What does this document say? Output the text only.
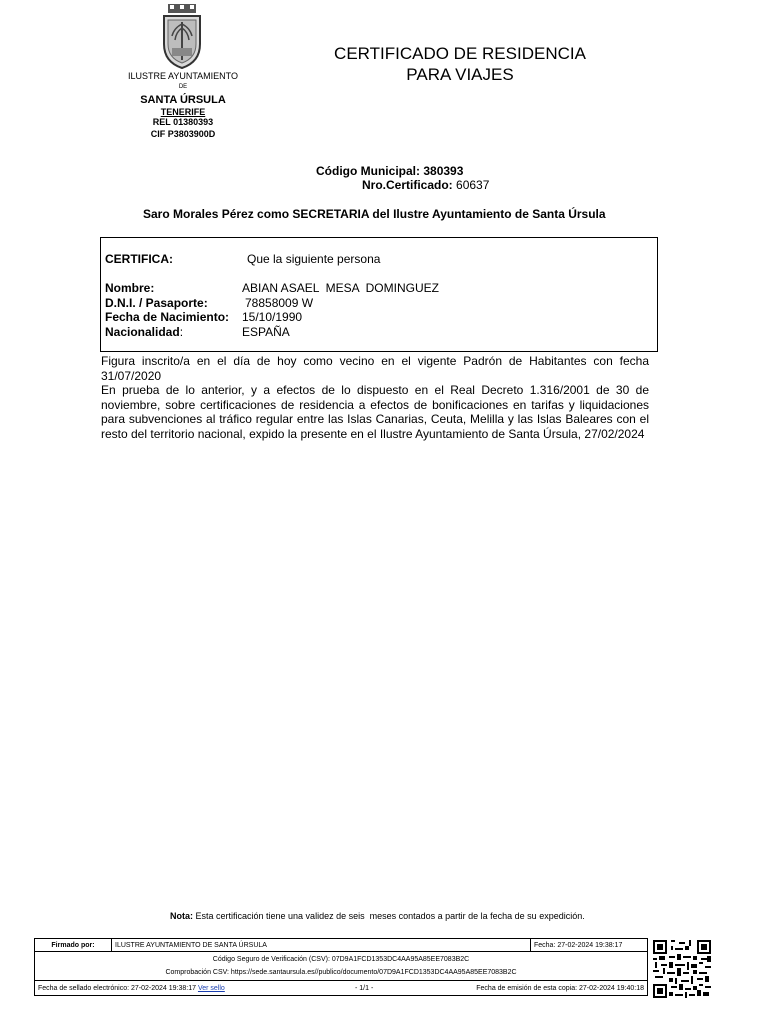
ILUSTRE AYUNTAMIENTO
DE
SANTA ÚRSULA
TENERIFE
REL 01380393
CIF P3803900D
CERTIFICADO DE RESIDENCIA
PARA VIAJES
Código Municipal: 380393
Nro.Certificado: 60637
Saro Morales Pérez como SECRETARIA del Ilustre Ayuntamiento de Santa Úrsula
CERTIFICA:	Que la siguiente persona
Nombre:	ABIAN ASAEL  MESA  DOMINGUEZ
D.N.I. / Pasaporte:	78858009 W
Fecha de Nacimiento: 15/10/1990
Nacionalidad:	ESPAÑA
Figura inscrito/a en el día de hoy como vecino en el vigente Padrón de Habitantes con fecha 31/07/2020
En prueba de lo anterior, y a efectos de lo dispuesto en el Real Decreto 1.316/2001 de 30 de noviembre, sobre certificaciones de residencia a efectos de bonificaciones en tarifas y liquidaciones para subvenciones al tráfico regular entre las Islas Canarias, Ceuta, Melilla y las Islas Baleares con el resto del territorio nacional, expido la presente en el Ilustre Ayuntamiento de Santa Úrsula, 27/02/2024
Nota: Esta certificación tiene una validez de seis  meses contados a partir de la fecha de su expedición.
Firmado por:	ILUSTRE AYUNTAMIENTO DE SANTA ÚRSULA	Fecha: 27-02-2024 19:38:17

Código Seguro de Verificación (CSV): 07D9A1FCD1353DC4AA95A85EE7083B2C
Comprobación CSV: https://sede.santaursula.es//publico/documento/07D9A1FCD1353DC4AA95A85EE7083B2C

Fecha de sellado electrónico: 27-02-2024 19:38:17 Ver sello	- 1/1 -	Fecha de emisión de esta copia: 27-02-2024 19:40:18
